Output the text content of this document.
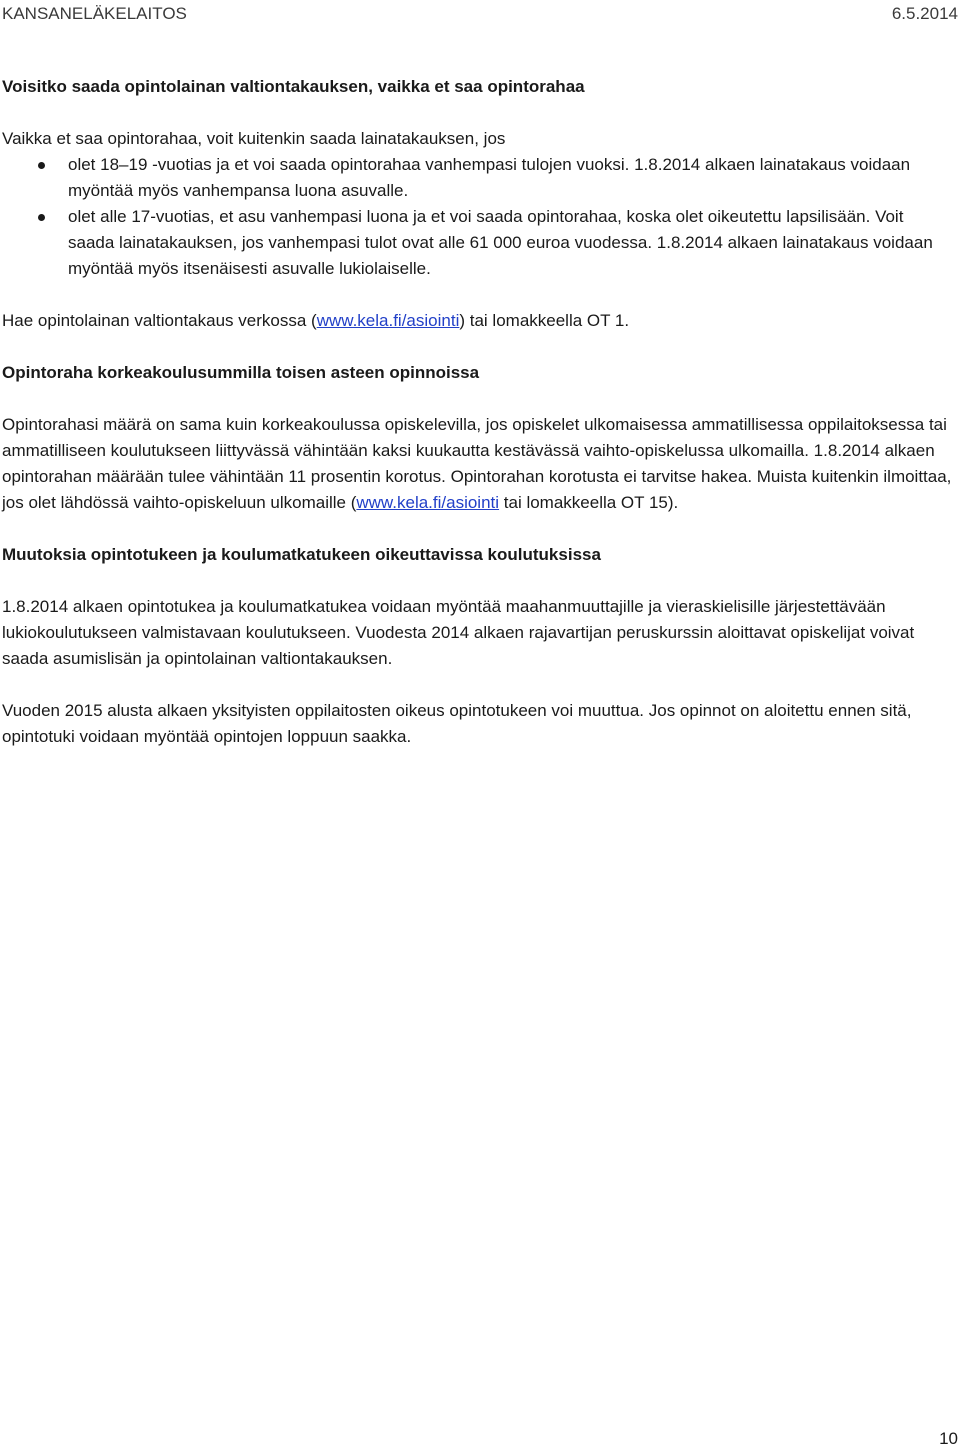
KANSANELÄKELAITOS	6.5.2014
Voisitko saada opintolainan valtiontakauksen, vaikka et saa opintorahaa

Vaikka et saa opintorahaa, voit kuitenkin saada lainatakauksen, jos

olet 18–19 -vuotias ja et voi saada opintorahaa vanhempasi tulojen vuoksi. 1.8.2014 alkaen lainatakaus voidaan myöntää myös vanhempansa luona asuvalle.
olet alle 17-vuotias, et asu vanhempasi luona ja et voi saada opintorahaa, koska olet oikeutettu lapsilisään. Voit saada lainatakauksen, jos vanhempasi tulot ovat alle 61 000 euroa vuodessa. 1.8.2014 alkaen lainatakaus voidaan myöntää myös itsenäisesti asuvalle lukiolaiselle.

Hae opintolainan valtiontakaus verkossa (www.kela.fi/asiointi) tai lomakkeella OT 1.

Opintoraha korkeakoulusummilla toisen asteen opinnoissa

Opintorahasi määrä on sama kuin korkeakoulussa opiskelevilla, jos opiskelet ulkomaisessa ammatillisessa oppilaitoksessa tai ammatilliseen koulutukseen liittyvässä vähintään kaksi kuukautta kestävässä vaihto-opiskelussa ulkomailla. 1.8.2014 alkaen opintorahan määrään tulee vähintään 11 prosentin korotus. Opintorahan korotusta ei tarvitse hakea. Muista kuitenkin ilmoittaa, jos olet lähdössä vaihto-opiskeluun ulkomaille (www.kela.fi/asiointi tai lomakkeella OT 15).

Muutoksia opintotukeen ja koulumatkatukeen oikeuttavissa koulutuksissa

1.8.2014 alkaen opintotukea ja koulumatkatukea voidaan myöntää maahanmuuttajille ja vieraskielisille järjestettävään lukiokoulutukseen valmistavaan koulutukseen. Vuodesta 2014 alkaen rajavartijan peruskurssin aloittavat opiskelijat voivat saada asumislisän ja opintolainan valtiontakauksen.

Vuoden 2015 alusta alkaen yksityisten oppilaitosten oikeus opintotukeen voi muuttua. Jos opinnot on aloitettu ennen sitä, opintotuki voidaan myöntää opintojen loppuun saakka.

10
